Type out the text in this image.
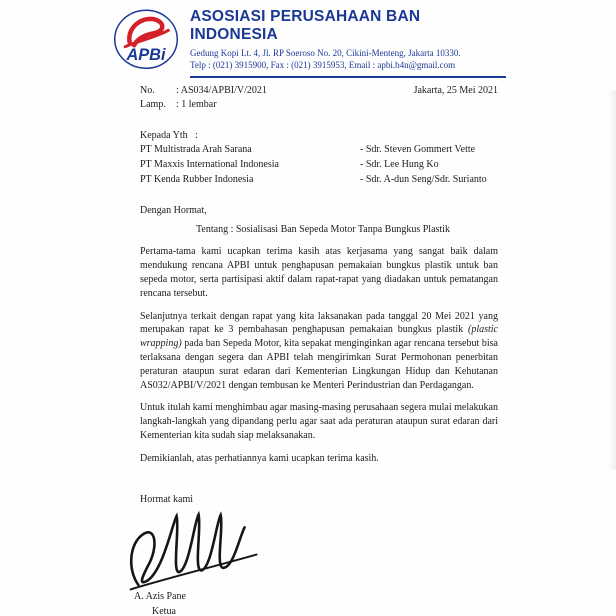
APBi
ASOSIASI PERUSAHAAN BAN INDONESIA
Gedung Kopi Lt. 4, Jl. RP Soeroso No. 20, Cikini-Menteng, Jakarta 10330.
Telp : (021) 3915900, Fax : (021) 3915953, Email : apbi.b4n@gmail.com
No.	: AS034/APBI/V/2021	Jakarta, 25 Mei 2021
Lamp.	: 1 lembar
Kepada Yth   :
PT Multistrada Arah Sarana	- Sdr. Steven Gommert Vette
PT Maxxis International Indonesia	- Sdr. Lee Hung Ko
PT Kenda Rubber Indonesia	- Sdr. A-dun Seng/Sdr. Surianto
Dengan Hormat,
Tentang : Sosialisasi Ban Sepeda Motor Tanpa Bungkus Plastik
Pertama-tama kami ucapkan terima kasih atas kerjasama yang sangat baik dalam mendukung rencana APBI untuk penghapusan pemakaian bungkus plastik untuk ban sepeda motor, serta partisipasi aktif dalam rapat-rapat yang diadakan untuk pematangan rencana tersebut.
Selanjutnya terkait dengan rapat yang kita laksanakan pada tanggal 20 Mei 2021 yang merupakan rapat ke 3 pembahasan penghapusan pemakaian bungkus plastik (plastic wrapping) pada ban Sepeda Motor, kita sepakat menginginkan agar rencana tersebut bisa terlaksana dengan segera dan APBI telah mengirimkan Surat Permohonan penerbitan peraturan ataupun surat edaran dari Kementerian Lingkungan Hidup dan Kehutanan AS032/APBI/V/2021 dengan tembusan ke Menteri Perindustrian dan Perdagangan.
Untuk itulah kami menghimbau agar masing-masing perusahaan segera mulai melakukan langkah-langkah yang dipandang perlu agar saat ada peraturan ataupun surat edaran dari Kementerian kita sudah siap melaksanakan.
Demikianlah, atas perhatiannya kami ucapkan terima kasih.
Hormat kami
A. Azis Pane
Ketua
